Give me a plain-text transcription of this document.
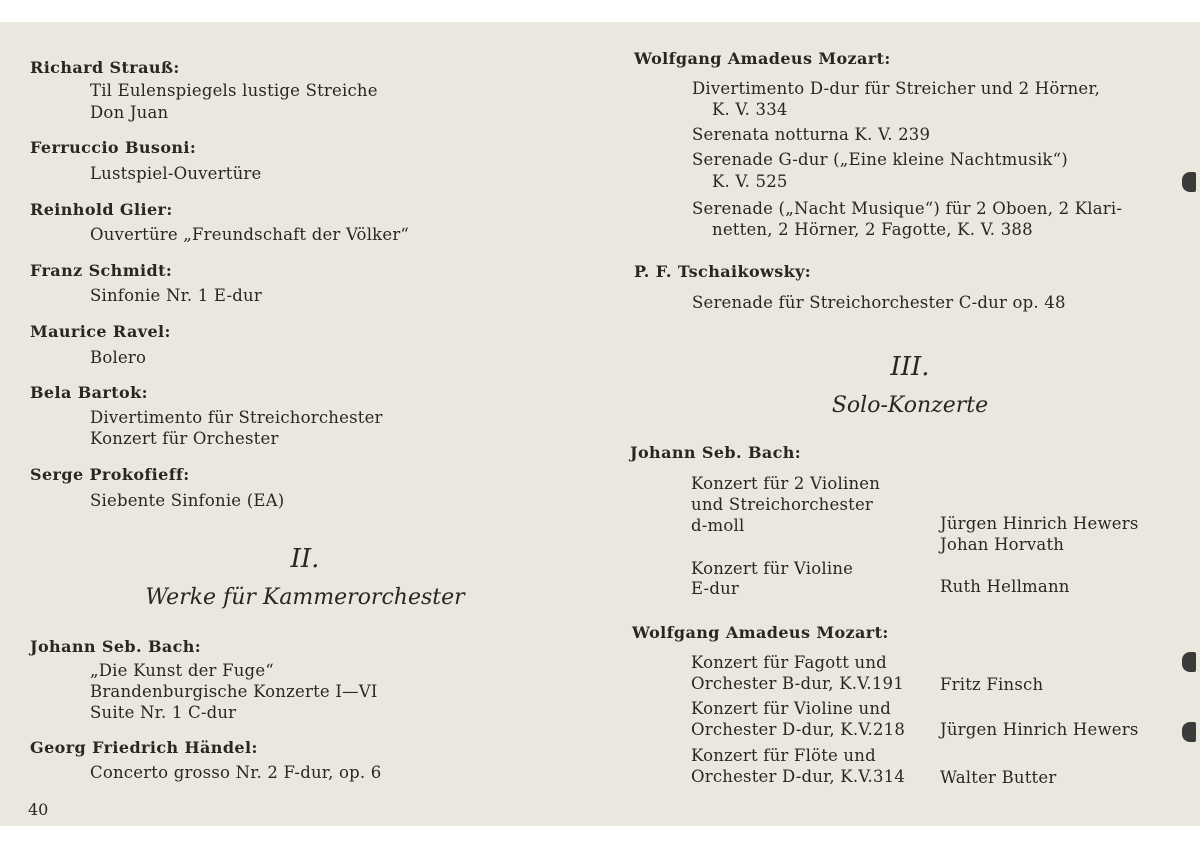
Richard Strauß:
Til Eulenspiegels lustige Streiche
Don Juan
Ferruccio Busoni:
Lustspiel-Ouvertüre
Reinhold Glier:
Ouvertüre „Freundschaft der Völker“
Franz Schmidt:
Sinfonie Nr. 1 E-dur
Maurice Ravel:
Bolero
Bela Bartok:
Divertimento für Streichorchester
Konzert für Orchester
Serge Prokofieff:
Siebente Sinfonie (EA)
II.
Werke für Kammerorchester
Johann Seb. Bach:
„Die Kunst der Fuge“
Brandenburgische Konzerte I—VI
Suite Nr. 1 C-dur
Georg Friedrich Händel:
Concerto grosso Nr. 2 F-dur, op. 6
Wolfgang Amadeus Mozart:
Divertimento D-dur für Streicher und 2 Hörner,
K. V. 334
Serenata notturna K. V. 239
Serenade G-dur („Eine kleine Nachtmusik“)
K. V. 525
Serenade („Nacht Musique“) für 2 Oboen, 2 Klari-
netten, 2 Hörner, 2 Fagotte, K. V. 388
P. F. Tschaikowsky:
Serenade für Streichorchester C-dur op. 48
III.
Solo-Konzerte
Johann Seb. Bach:
Konzert für 2 Violinen
und Streichorchester
d-moll	Jürgen Hinrich Hewers
Johan Horvath
Konzert für Violine
E-dur	Ruth Hellmann
Wolfgang Amadeus Mozart:
Konzert für Fagott und
Orchester B-dur, K.V.191 Fritz Finsch
Konzert für Violine und
Orchester D-dur, K.V.218 Jürgen Hinrich Hewers
Konzert für Flöte und
Orchester D-dur, K.V.314 Walter Butter
40
